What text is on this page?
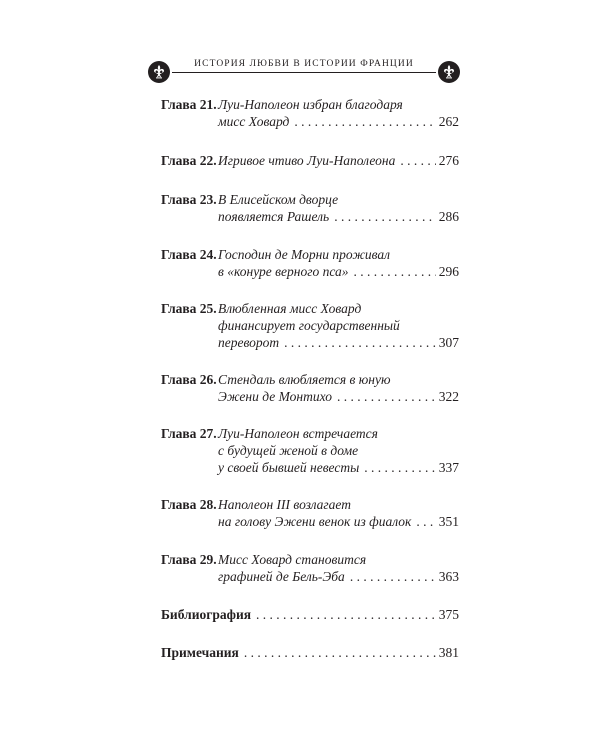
ИСТОРИЯ ЛЮБВИ В ИСТОРИИ ФРАНЦИИ
Глава 21. Луи-Наполеон избран благодаря
мисс Ховард . . .	262
Глава 22. Игривое чтиво Луи-Наполеона . . .	276
Глава 23. В Елисейском дворце
появляется Рашель . . .	286
Глава 24. Господин де Морни проживал
в «конуре верного пса» . . .	296
Глава 25. Влюбленная мисс Ховард
финансирует государственный
переворот . . .	307
Глава 26. Стендаль влюбляется в юную
Эжени де Монтихо . . .	322
Глава 27. Луи-Наполеон встречается
с будущей женой в доме
у своей бывшей невесты . . .	337
Глава 28. Наполеон III возлагает
на голову Эжени венок из фиалок . . . 351
Глава 29. Мисс Ховард становится
графиней де Бель-Эба . . .	363
Библиография . . .	375
Примечания . . .	381
